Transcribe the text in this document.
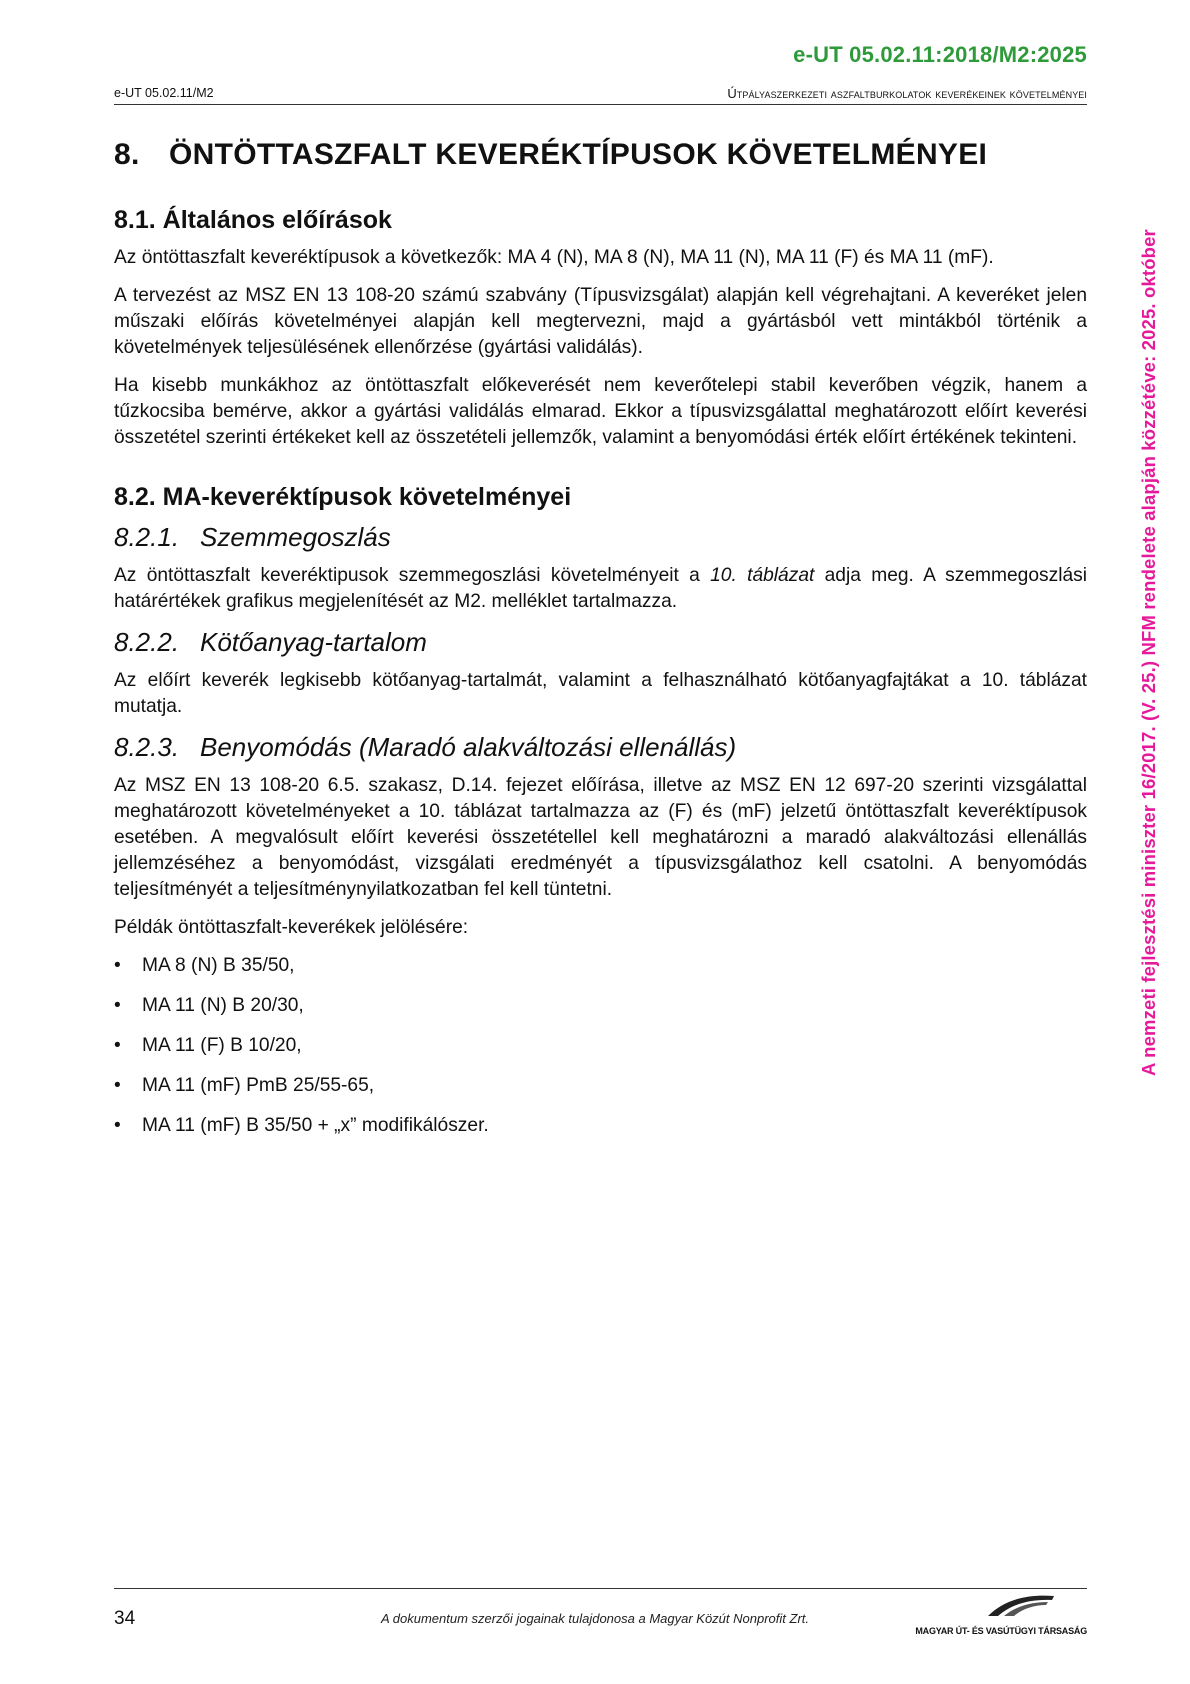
e-UT 05.02.11:2018/M2:2025
e-UT 05.02.11/M2	Útpályaszerkezeti aszfaltburkolatok keverékeinek követelményei
A nemzeti fejlesztési miniszter 16/2017. (V. 25.) NFM rendelete alapján közzétéve: 2025. október
8. ÖNTÖTTASZFALT KEVERÉKTÍPUSOK KÖVETELMÉNYEI
8.1. Általános előírások

Az öntöttaszfalt keveréktípusok a következők: MA 4 (N), MA 8 (N), MA 11 (N), MA 11 (F) és MA 11 (mF).

A tervezést az MSZ EN 13 108-20 számú szabvány (Típusvizsgálat) alapján kell végrehajtani. A keveréket jelen műszaki előírás követelményei alapján kell megtervezni, majd a gyártásból vett mintákból történik a követelmények teljesülésének ellenőrzése (gyártási validálás).

Ha kisebb munkákhoz az öntöttaszfalt előkeverését nem keverőtelepi stabil keverőben végzik, hanem a tűzkocsiba bemérve, akkor a gyártási validálás elmarad. Ekkor a típusvizsgálattal meghatározott előírt keverési összetétel szerinti értékeket kell az összetételi jellemzők, valamint a benyomódási érték előírt értékének tekinteni.

8.2. MA-keveréktípusok követelményei
8.2.1. Szemmegoszlás

Az öntöttaszfalt keveréktipusok szemmegoszlási követelményeit a 10. táblázat adja meg. A szemmegoszlási határértékek grafikus megjelenítését az M2. melléklet tartalmazza.

8.2.2. Kötőanyag-tartalom

Az előírt keverék legkisebb kötőanyag-tartalmát, valamint a felhasználható kötőanyagfajtákat a 10. táblázat mutatja.

8.2.3. Benyomódás (Maradó alakváltozási ellenállás)

Az MSZ EN 13 108-20 6.5. szakasz, D.14. fejezet előírása, illetve az MSZ EN 12 697-20 szerinti vizsgálattal meghatározott követelményeket a 10. táblázat tartalmazza az (F) és (mF) jelzetű öntöttaszfalt keveréktípusok esetében. A megvalósult előírt keverési összetétellel kell meghatározni a maradó alakváltozási ellenállás jellemzéséhez a benyomódást, vizsgálati eredményét a típusvizsgálathoz kell csatolni. A benyomódás teljesítményét a teljesítménynyilatkozatban fel kell tüntetni.

Példák öntöttaszfalt-keverékek jelölésére:

• MA 8 (N) B 35/50,
• MA 11 (N) B 20/30,
• MA 11 (F) B 10/20,
• MA 11 (mF) PmB 25/55-65,
• MA 11 (mF) B 35/50 + „x” modifikálószer.
34	A dokumentum szerzői jogainak tulajdonosa a Magyar Közút Nonprofit Zrt.
MAGYAR ÚT- ÉS VASÚTÜGYI TÁRSASÁG
